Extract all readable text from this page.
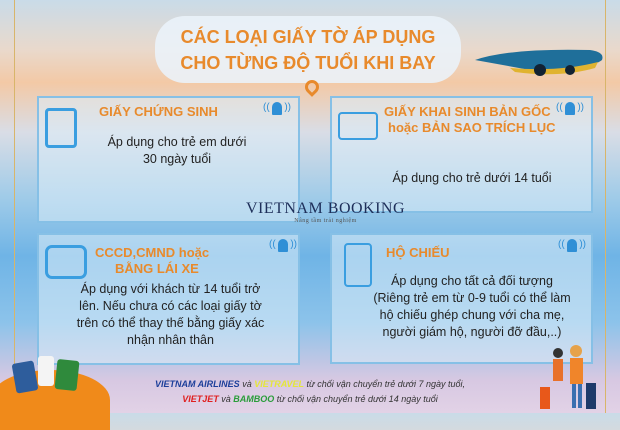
CÁC LOẠI GIẤY TỜ ÁP DỤNG
CHO TỪNG ĐỘ TUỔI KHI BAY
GIẤY CHỨNG SINH
((  ))
Áp dụng cho trẻ em dưới
30 ngày tuổi
GIẤY KHAI SINH BẢN GỐC
hoặc BẢN SAO TRÍCH LỤC
((  ))
Áp dụng cho trẻ dưới 14 tuổi
CCCD,CMND hoặc
BẰNG LÁI XE
((  ))
Áp dụng với khách từ 14 tuổi trở
lên. Nếu chưa có các loại giấy tờ
trên có thể thay thế bằng giấy xác
nhận nhân thân
HỘ CHIẾU
((  ))
Áp dụng cho tất cả đối tượng
(Riêng trẻ em từ 0-9 tuổi có thể làm
hộ chiếu ghép chung với cha mẹ,
người giám hộ, người đỡ đầu,..)
VIETNAM BOOKING
Nâng tầm trải nghiệm
VIETNAM AIRLINES và VIETRAVEL từ chối vận chuyển trẻ dưới 7 ngày tuổi,
VIETJET và BAMBOO từ chối vận chuyển trẻ dưới 14 ngày tuổi
